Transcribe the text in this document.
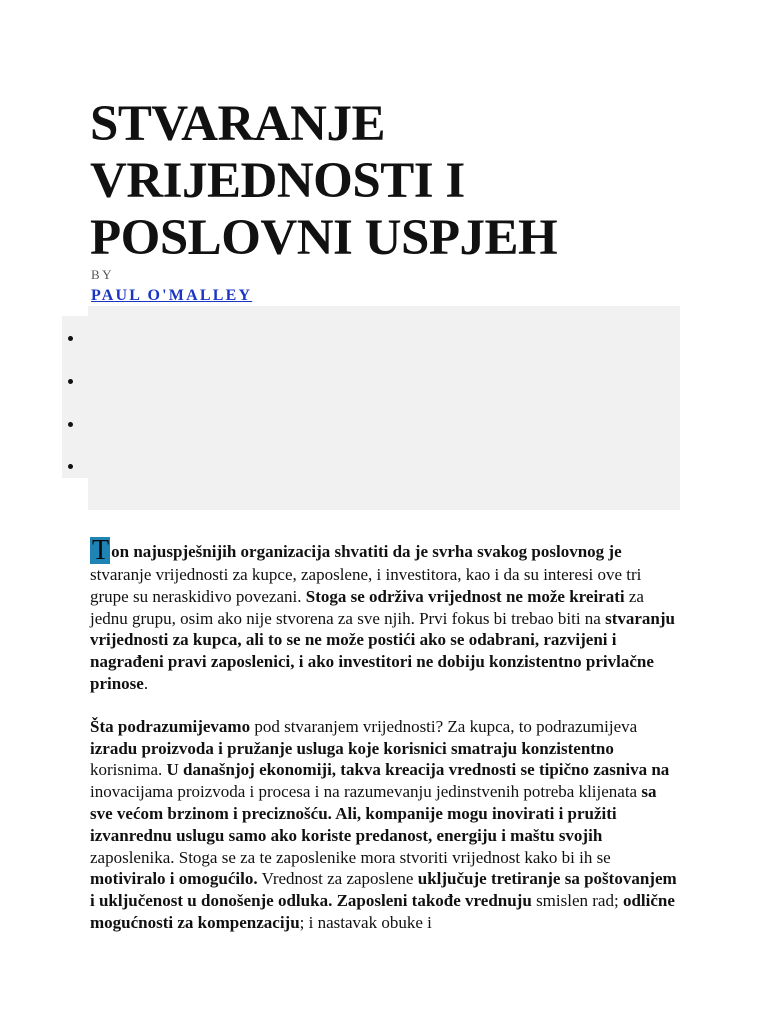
STVARANJE
VRIJEDNOSTI I
POSLOVNI USPJEH
BY
PAUL O'MALLEY

T on najuspješnijih organizacija shvatiti da je svrha svakog poslovnog je stvaranje vrijednosti za kupce, zaposlene, i investitora, kao i da su interesi ove tri grupe su neraskidivo povezani. Stoga se održiva vrijednost ne može kreirati za jednu grupu, osim ako nije stvorena za sve njih. Prvi fokus bi trebao biti na stvaranju vrijednosti za kupca, ali to se ne može postići ako se odabrani, razvijeni i nagrađeni pravi zaposlenici, i ako investitori ne dobiju konzistentno privlačne prinose.

Šta podrazumijevamo pod stvaranjem vrijednosti? Za kupca, to podrazumijeva izradu proizvoda i pružanje usluga koje korisnici smatraju konzistentno korisnima. U današnjoj ekonomiji, takva kreacija vrednosti se tipično zasniva na inovacijama proizvoda i procesa i na razumevanju jedinstvenih potreba klijenata sa sve većom brzinom i preciznošću. Ali, kompanije mogu inovirati i pružiti izvanrednu uslugu samo ako koriste predanost, energiju i maštu svojih zaposlenika. Stoga se za te zaposlenike mora stvoriti vrijednost kako bi ih se motiviralo i omogućilo. Vrednost za zaposlene uključuje tretiranje sa poštovanjem i uključenost u donošenje odluka. Zaposleni takođe vrednuju smislen rad; odlične mogućnosti za kompenzaciju; i nastavak obuke i
